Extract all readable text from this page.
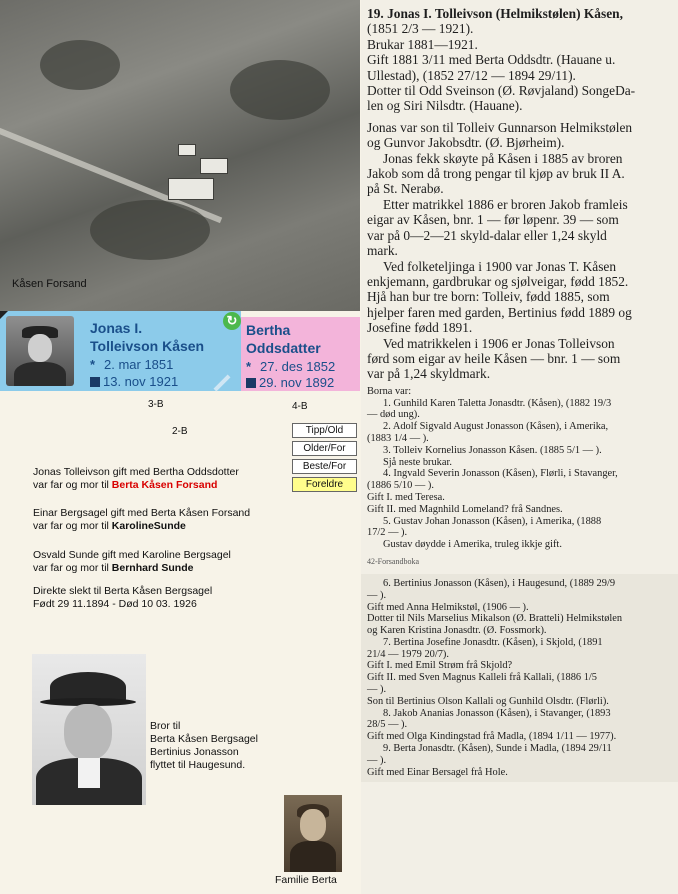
Kåsen Forsand
Jonas I.
Tolleivson Kåsen
* 2. mar 1851
13. nov 1921
↻
3-B
Bertha
Oddsdatter
* 27. des 1852
29. nov 1892
4-B
2-B	Tipp/Old
Older/For
Beste/For
Foreldre
Jonas Tolleivson gift med Bertha Oddsdotter
var far og mor til Berta Kåsen Forsand
Einar Bergsagel gift med Berta Kåsen Forsand
var far og mor til KarolineSunde
Osvald Sunde gift med Karoline Bergsagel
var far og mor til Bernhard Sunde
Direkte slekt til Berta Kåsen Bergsagel
Født 29 11.1894 - Død 10 03. 1926
Bror til
Berta Kåsen Bergsagel
Bertinius Jonasson
flyttet til Haugesund.
Familie Berta

19. Jonas I. Tolleivson (Helmikstølen) Kåsen,

(1851 2/3 — 1921).

Brukar 1881—1921.

Gift 1881 3/11 med Berta Oddsdtr. (Hauane u.

Ullestad), (1852 27/12 — 1894 29/11).

Dotter til Odd Sveinson (Ø. Røvjaland) SongeDa-

len og Siri Nilsdtr. (Hauane).

Jonas var son til Tolleiv Gunnarson Helmikstølen

og Gunvor Jakobsdtr. (Ø. Bjørheim).

Jonas fekk skøyte på Kåsen i 1885 av broren

Jakob som då trong pengar til kjøp av bruk II A.

på St. Nerabø.

Etter matrikkel 1886 er broren Jakob framleis

eigar av Kåsen, bnr. 1 — før løpenr. 39 — som

var på 0—2—21 skyld-dalar eller 1,24 skyld

mark.

Ved folketeljinga i 1900 var Jonas T. Kåsen

enkjemann, gardbrukar og sjølveigar, fødd 1852.

Hjå han bur tre born: Tolleiv, fødd 1885, som

hjelper faren med garden, Bertinius fødd 1889 og

Josefine fødd 1891.

Ved matrikkelen i 1906 er Jonas Tolleivson

førd som eigar av heile Kåsen — bnr. 1 — som

var på 1,24 skyldmark.

Borna var:

1. Gunhild Karen Taletta Jonasdtr. (Kåsen), (1882 19/3

— død ung).

2. Adolf Sigvald August Jonasson (Kåsen), i Amerika,

(1883 1/4 — ).

3. Tolleiv Kornelius Jonasson Kåsen. (1885 5/1 — ).

Sjå neste brukar.

4. Ingvald Severin Jonasson (Kåsen), Flørli, i Stavanger,

(1886 5/10 — ).

Gift I. med Teresa.

Gift II. med Magnhild Lomeland? frå Sandnes.

5. Gustav Johan Jonasson (Kåsen), i Amerika, (1888

17/2 — ).

Gustav døydde i Amerika, truleg ikkje gift.

42-Forsandboka

6. Bertinius Jonasson (Kåsen), i Haugesund, (1889 29/9

— ).

Gift med Anna Helmikstøl, (1906 — ).

Dotter til Nils Marselius Mikalson (Ø. Bratteli) Helmikstølen

og Karen Kristina Jonasdtr. (Ø. Fossmork).

7. Bertina Josefine Jonasdtr. (Kåsen), i Skjold, (1891

21/4 — 1979 20/7).

Gift I. med Emil Strøm frå Skjold?

Gift II. med Sven Magnus Kalleli frå Kallali, (1886 1/5

— ).

Son til Bertinius Olson Kallali og Gunhild Olsdtr. (Flørli).

8. Jakob Ananias Jonasson (Kåsen), i Stavanger, (1893

28/5 — ).

Gift med Olga Kindingstad frå Madla, (1894 1/11 — 1977).

9. Berta Jonasdtr. (Kåsen), Sunde i Madla, (1894 29/11

— ).

Gift med Einar Bersagel frå Hole.
